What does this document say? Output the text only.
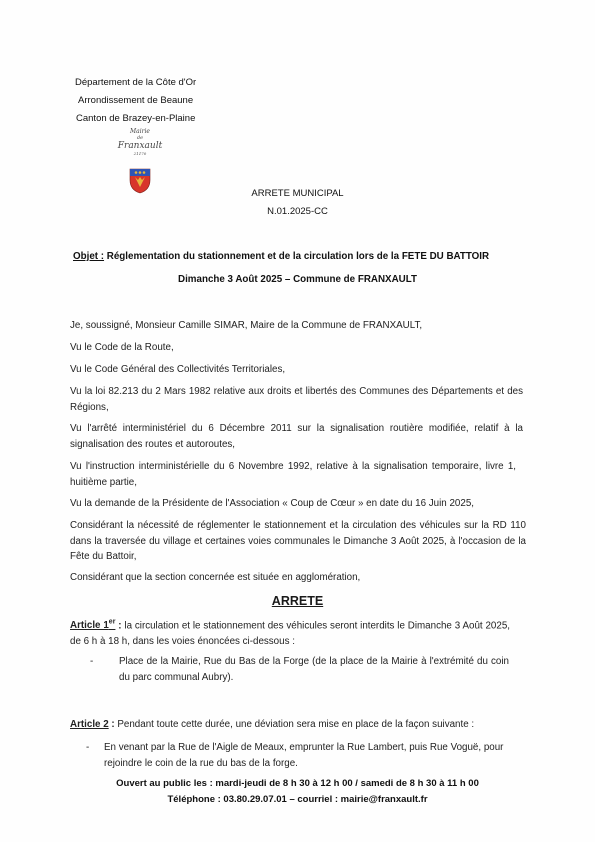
Département de la Côte d'Or
Arrondissement de Beaune
Canton de Brazey-en-Plaine
Mairie
de
Franxault
21170
ARRETE MUNICIPAL
N.01.2025-CC
Objet : Réglementation du stationnement et de la circulation lors de la FETE DU BATTOIR
Dimanche 3 Août 2025 – Commune de FRANXAULT
Je, soussigné, Monsieur Camille SIMAR, Maire de la Commune de FRANXAULT,
Vu le Code de la Route,
Vu le Code Général des Collectivités Territoriales,
Vu la loi 82.213 du 2 Mars 1982 relative aux droits et libertés des Communes des Départements et des Régions,
Vu l'arrêté interministériel du 6 Décembre 2011 sur la signalisation routière modifiée, relatif à la signalisation des routes et autoroutes,
Vu l'instruction interministérielle du 6 Novembre 1992, relative à la signalisation temporaire, livre 1, huitième partie,
Vu la demande de la Présidente de l'Association « Coup de Cœur » en date du 16 Juin 2025,
Considérant la nécessité de réglementer le stationnement et la circulation des véhicules sur la RD 110 dans la traversée du village et certaines voies communales le Dimanche 3 Août 2025, à l'occasion de la Fête du Battoir,
Considérant que la section concernée est située en agglomération,
ARRETE
Article 1er : la circulation et le stationnement des véhicules seront interdits le Dimanche 3 Août 2025, de 6 h à 18 h, dans les voies énoncées ci-dessous :
-	Place de la Mairie, Rue du Bas de la Forge (de la place de la Mairie à l'extrémité du coin du parc communal Aubry).
Article 2 : Pendant toute cette durée, une déviation sera mise en place de la façon suivante :
- En venant par la Rue de l'Aigle de Meaux, emprunter la Rue Lambert, puis Rue Voguë, pour rejoindre le coin de la rue du bas de la forge.
Ouvert au public les : mardi-jeudi de 8 h 30 à 12 h 00 / samedi de 8 h 30 à 11 h 00
Téléphone : 03.80.29.07.01 – courriel : mairie@franxault.fr
